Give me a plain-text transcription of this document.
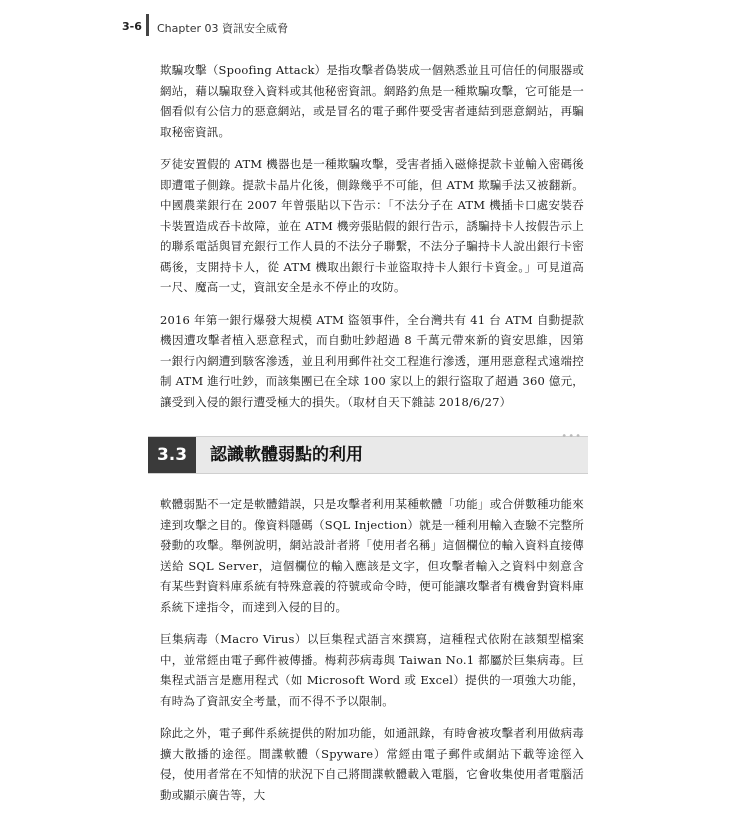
3-6 Chapter 03 資訊安全威脅

欺騙攻擊（Spoofing Attack）是指攻擊者偽裝成一個熟悉並且可信任的伺服器或網站，藉以騙取登入資料或其他秘密資訊。網路釣魚是一種欺騙攻擊，它可能是一個看似有公信力的惡意網站，或是冒名的電子郵件要受害者連結到惡意網站，再騙取秘密資訊。

歹徒安置假的 ATM 機器也是一種欺騙攻擊，受害者插入磁條提款卡並輸入密碼後即遭電子側錄。提款卡晶片化後，側錄幾乎不可能，但 ATM 欺騙手法又被翻新。中國農業銀行在 2007 年曾張貼以下告示：「不法分子在 ATM 機插卡口處安裝吞卡裝置造成吞卡故障，並在 ATM 機旁張貼假的銀行告示，誘騙持卡人按假告示上的聯系電話與冒充銀行工作人員的不法分子聯繫，不法分子騙持卡人說出銀行卡密碼後，支開持卡人，從 ATM 機取出銀行卡並盜取持卡人銀行卡資金。」可見道高一尺、魔高一丈，資訊安全是永不停止的攻防。

2016 年第一銀行爆發大規模 ATM 盜領事件，全台灣共有 41 台 ATM 自動提款機因遭攻擊者植入惡意程式，而自動吐鈔超過 8 千萬元帶來新的資安思維，因第一銀行內網遭到駭客滲透，並且利用郵件社交工程進行滲透，運用惡意程式遠端控制 ATM 進行吐鈔，而該集團已在全球 100 家以上的銀行盜取了超過 360 億元，讓受到入侵的銀行遭受極大的損失。（取材自天下雜誌 2018/6/27）

3.3	認識軟體弱點的利用
•••

軟體弱點不一定是軟體錯誤，只是攻擊者利用某種軟體「功能」或合併數種功能來達到攻擊之目的。像資料隱碼（SQL Injection）就是一種利用輸入查驗不完整所發動的攻擊。舉例說明，網站設計者將「使用者名稱」這個欄位的輸入資料直接傳送給 SQL Server，這個欄位的輸入應該是文字，但攻擊者輸入之資料中刻意含有某些對資料庫系統有特殊意義的符號或命令時，便可能讓攻擊者有機會對資料庫系統下達指令，而達到入侵的目的。

巨集病毒（Macro Virus）以巨集程式語言來撰寫，這種程式依附在該類型檔案中，並常經由電子郵件被傳播。梅莉莎病毒與 Taiwan No.1 都屬於巨集病毒。巨集程式語言是應用程式（如 Microsoft Word 或 Excel）提供的一項強大功能，有時為了資訊安全考量，而不得不予以限制。

除此之外，電子郵件系統提供的附加功能，如通訊錄，有時會被攻擊者利用做病毒擴大散播的途徑。間諜軟體（Spyware）常經由電子郵件或網站下載等途徑入侵，使用者常在不知情的狀況下自己將間諜軟體載入電腦，它會收集使用者電腦活動或顯示廣告等，大
